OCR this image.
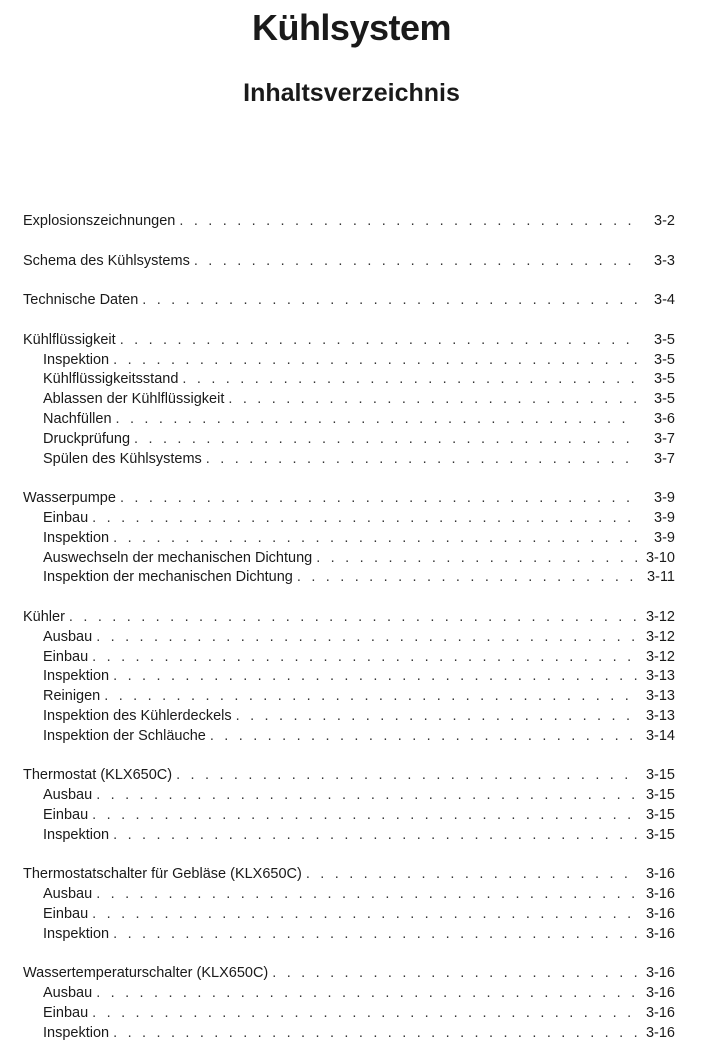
Kühlsystem
Inhaltsverzeichnis
Explosionszeichnungen . . .	3-2
Schema des Kühlsystems . . .	3-3
Technische Daten . . .	3-4
Kühlflüssigkeit . . .	3-5
Inspektion . . .	3-5
Kühlflüssigkeitsstand . . .	3-5
Ablassen der Kühlflüssigkeit . . .	3-5
Nachfüllen . . .	3-6
Druckprüfung . . .	3-7
Spülen des Kühlsystems . . .	3-7
Wasserpumpe . . .	3-9
Einbau . . .	3-9
Inspektion . . .	3-9
Auswechseln der mechanischen Dichtung . . .	3-10
Inspektion der mechanischen Dichtung . . .	3-11
Kühler . . .	3-12
Ausbau . . .	3-12
Einbau . . .	3-12
Inspektion . . .	3-13
Reinigen . . .	3-13
Inspektion des Kühlerdeckels . . .	3-13
Inspektion der Schläuche . . .	3-14
Thermostat (KLX650C) . . .	3-15
Ausbau . . .	3-15
Einbau . . .	3-15
Inspektion . . .	3-15
Thermostatschalter für Gebläse (KLX650C) . . .	3-16
Ausbau . . .	3-16
Einbau . . .	3-16
Inspektion . . .	3-16
Wassertemperaturschalter (KLX650C) . . .	3-16
Ausbau . . .	3-16
Einbau . . .	3-16
Inspektion . . .	3-16
